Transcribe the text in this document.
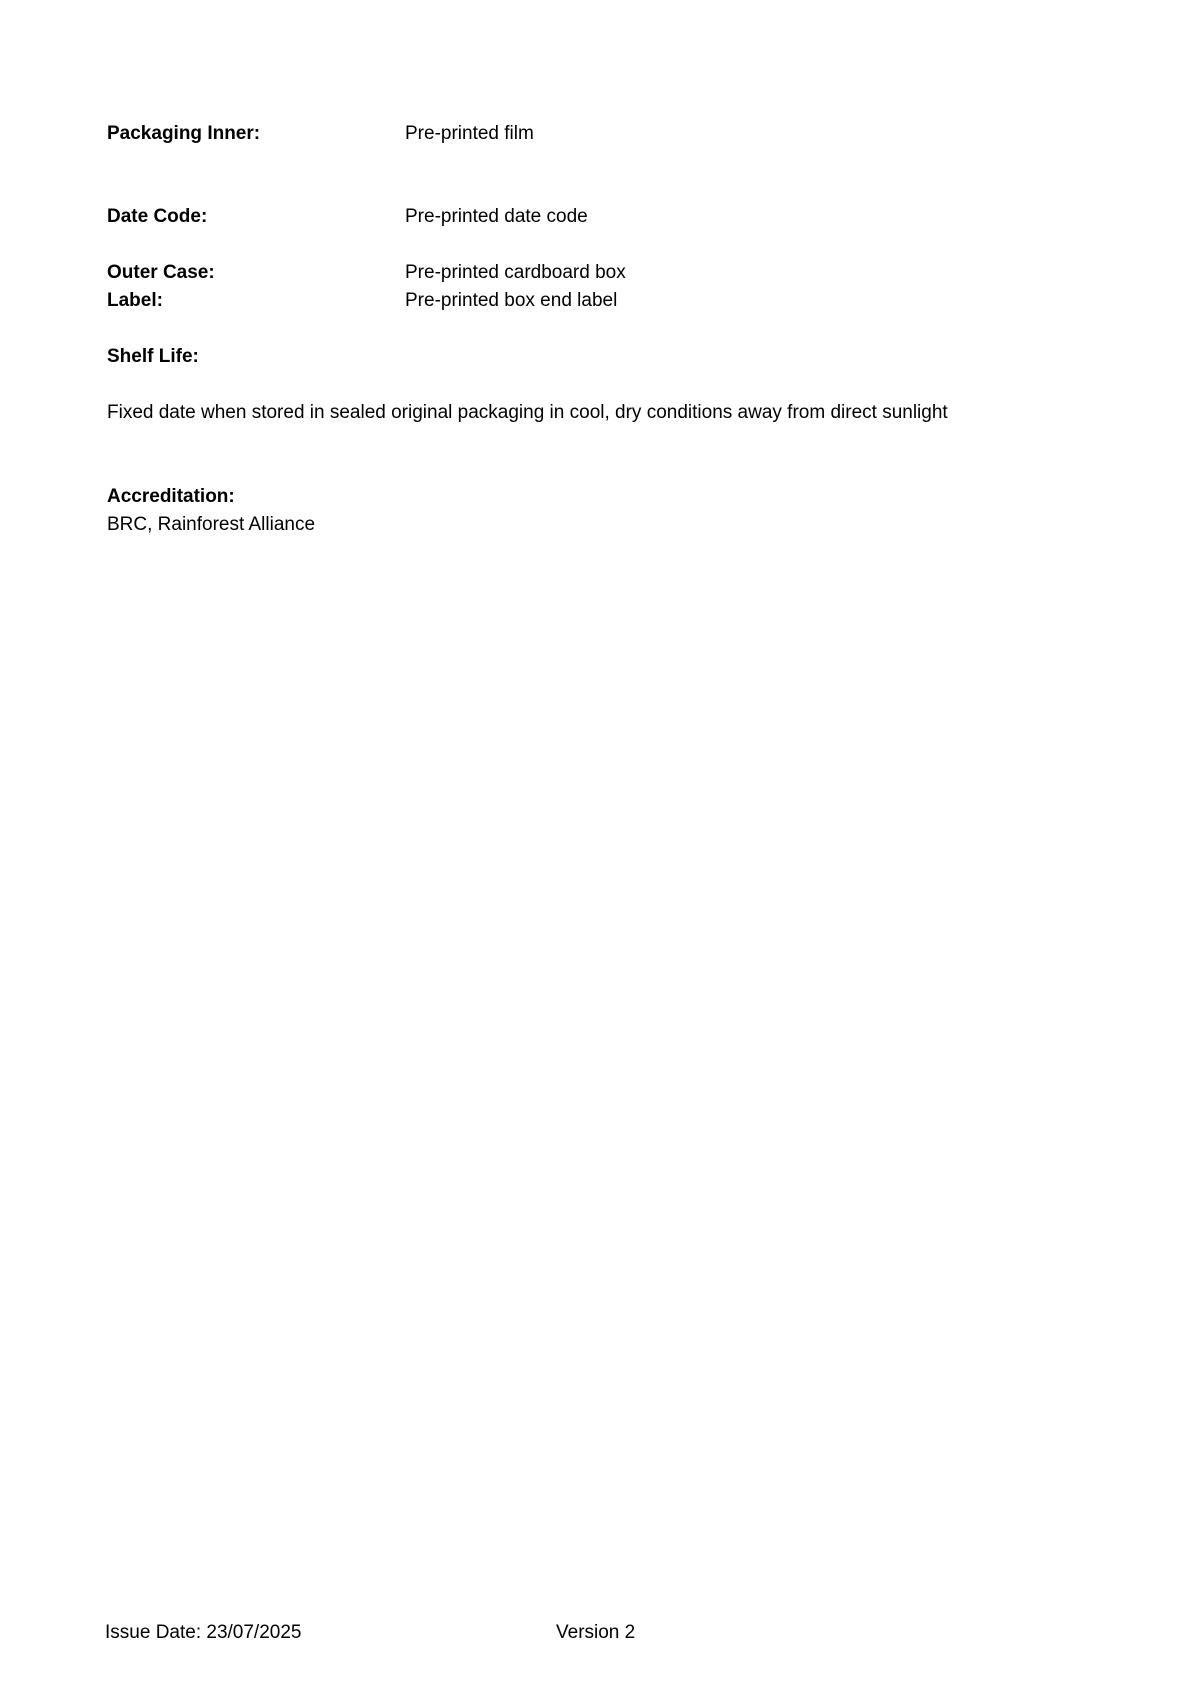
Packaging Inner:	Pre-printed film

Date Code:	Pre-printed date code

Outer Case:	Pre-printed cardboard box

Label:	Pre-printed box end label

Shelf Life:

Fixed date when stored in sealed original packaging in cool, dry conditions away from direct sunlight

Accreditation:

BRC, Rainforest Alliance

Issue Date: 23/07/2025	Version 2
